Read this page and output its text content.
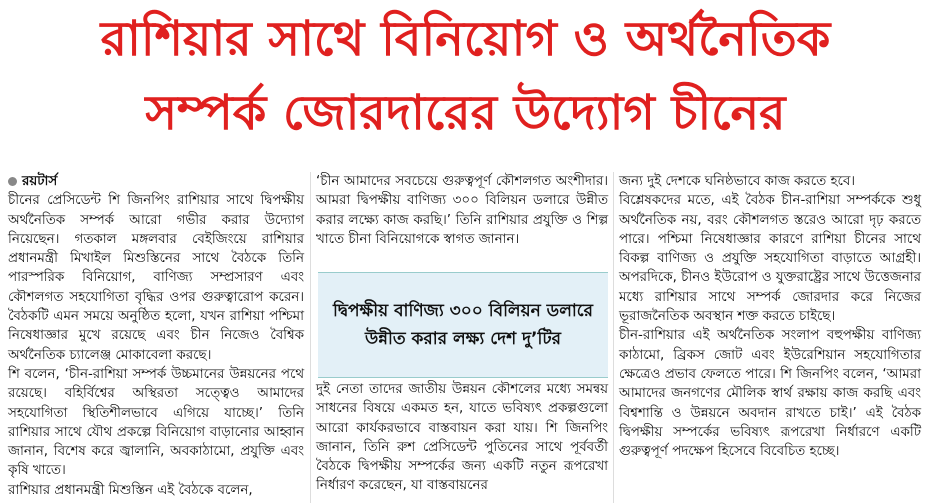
রাশিয়ার সাথে বিনিয়োগ ও অর্থনৈতিক
সম্পর্ক জোরদারের উদ্যোগ চীনের
রয়টার্স

চীনের প্রেসিডেন্ট শি জিনপিং রাশিয়ার সাথে দ্বিপক্ষীয় অর্থনৈতিক সম্পর্ক আরো গভীর করার উদ্যোগ নিয়েছেন। গতকাল মঙ্গলবার বেইজিংয়ে রাশিয়ার প্রধানমন্ত্রী মিখাইল মিশুস্তিনের সাথে বৈঠকে তিনি পারস্পরিক বিনিয়োগ, বাণিজ্য সম্প্রসারণ এবং কৌশলগত সহযোগিতা বৃদ্ধির ওপর গুরুত্বারোপ করেন। বৈঠকটি এমন সময়ে অনুষ্ঠিত হলো, যখন রাশিয়া পশ্চিমা নিষেধাজ্ঞার মুখে রয়েছে এবং চীন নিজেও বৈশ্বিক অর্থনৈতিক চ্যালেঞ্জ মোকাবেলা করছে।

শি বলেন, ‘চীন-রাশিয়া সম্পর্ক উচ্চমানের উন্নয়নের পথে রয়েছে। বহির্বিশ্বের অস্থিরতা সত্ত্বেও আমাদের সহযোগিতা স্থিতিশীলভাবে এগিয়ে যাচ্ছে।’ তিনি রাশিয়ার সাথে যৌথ প্রকল্পে বিনিয়োগ বাড়ানোর আহ্বান জানান, বিশেষ করে জ্বালানি, অবকাঠামো, প্রযুক্তি এবং কৃষি খাতে।

রাশিয়ার প্রধানমন্ত্রী মিশুস্তিন এই বৈঠকে বলেন,

‘চীন আমাদের সবচেয়ে গুরুত্বপূর্ণ কৌশলগত অংশীদার। আমরা দ্বিপক্ষীয় বাণিজ্য ৩০০ বিলিয়ন ডলারে উন্নীত করার লক্ষ্যে কাজ করছি।’ তিনি রাশিয়ার প্রযুক্তি ও শিল্প খাতে চীনা বিনিয়োগকে স্বাগত জানান।

দ্বিপক্ষীয় বাণিজ্য ৩০০ বিলিয়ন ডলারে উন্নীত করার লক্ষ্য দেশ দু’টির

দুই নেতা তাদের জাতীয় উন্নয়ন কৌশলের মধ্যে সমন্বয় সাধনের বিষয়ে একমত হন, যাতে ভবিষ্যৎ প্রকল্পগুলো আরো কার্যকরভাবে বাস্তবায়ন করা যায়। শি জিনপিং জানান, তিনি রুশ প্রেসিডেন্ট পুতিনের সাথে পূর্ববর্তী বৈঠকে দ্বিপক্ষীয় সম্পর্কের জন্য একটি নতুন রূপরেখা নির্ধারণ করেছেন, যা বাস্তবায়নের

জন্য দুই দেশকে ঘনিষ্ঠভাবে কাজ করতে হবে।

বিশ্লেষকদের মতে, এই বৈঠক চীন-রাশিয়া সম্পর্ককে শুধু অর্থনৈতিক নয়, বরং কৌশলগত স্তরেও আরো দৃঢ় করতে পারে। পশ্চিমা নিষেধাজ্ঞার কারণে রাশিয়া চীনের সাথে বিকল্প বাণিজ্য ও প্রযুক্তি সহযোগিতা বাড়াতে আগ্রহী। অপরদিকে, চীনও ইউরোপ ও যুক্তরাষ্ট্রের সাথে উত্তেজনার মধ্যে রাশিয়ার সাথে সম্পর্ক জোরদার করে নিজের ভূরাজনৈতিক অবস্থান শক্ত করতে চাইছে।

চীন-রাশিয়ার এই অর্থনৈতিক সংলাপ বহুপক্ষীয় বাণিজ্য কাঠামো, ব্রিকস জোট এবং ইউরেশিয়ান সহযোগিতার ক্ষেত্রেও প্রভাব ফেলতে পারে। শি জিনপিং বলেন, ‘আমরা আমাদের জনগণের মৌলিক স্বার্থ রক্ষায় কাজ করছি এবং বিশ্বশান্তি ও উন্নয়নে অবদান রাখতে চাই।’ এই বৈঠক দ্বিপক্ষীয় সম্পর্কের ভবিষ্যৎ রূপরেখা নির্ধারণে একটি গুরুত্বপূর্ণ পদক্ষেপ হিসেবে বিবেচিত হচ্ছে।
